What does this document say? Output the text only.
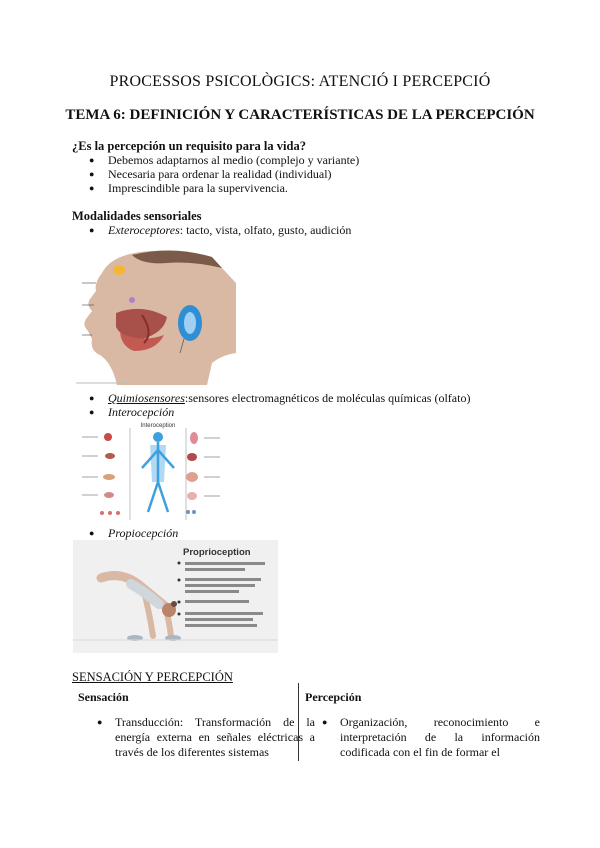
PROCESSOS PSICOLÒGICS: ATENCIÓ I PERCEPCIÓ
TEMA 6: DEFINICIÓN Y CARACTERÍSTICAS DE LA PERCEPCIÓN
¿Es la percepción un requisito para la vida?
● Debemos adaptarnos al medio (complejo y variante)
● Necesaria para ordenar la realidad (individual)
● Imprescindible para la supervivencia.
Modalidades sensoriales
● Exteroceptores: tacto, vista, olfato, gusto, audición
● Quimiosensores:sensores electromagnéticos de moléculas químicas (olfato)
● Interocepción
Interoception
● Propiocepción
Proprioception
SENSACIÓN Y PERCEPCIÓN
Sensación	Percepción
● Transducción: Transformación de la energía externa en señales eléctricas a través de los diferentes sistemas
● Organización, reconocimiento e interpretación de la información codificada con el fin de formar el
